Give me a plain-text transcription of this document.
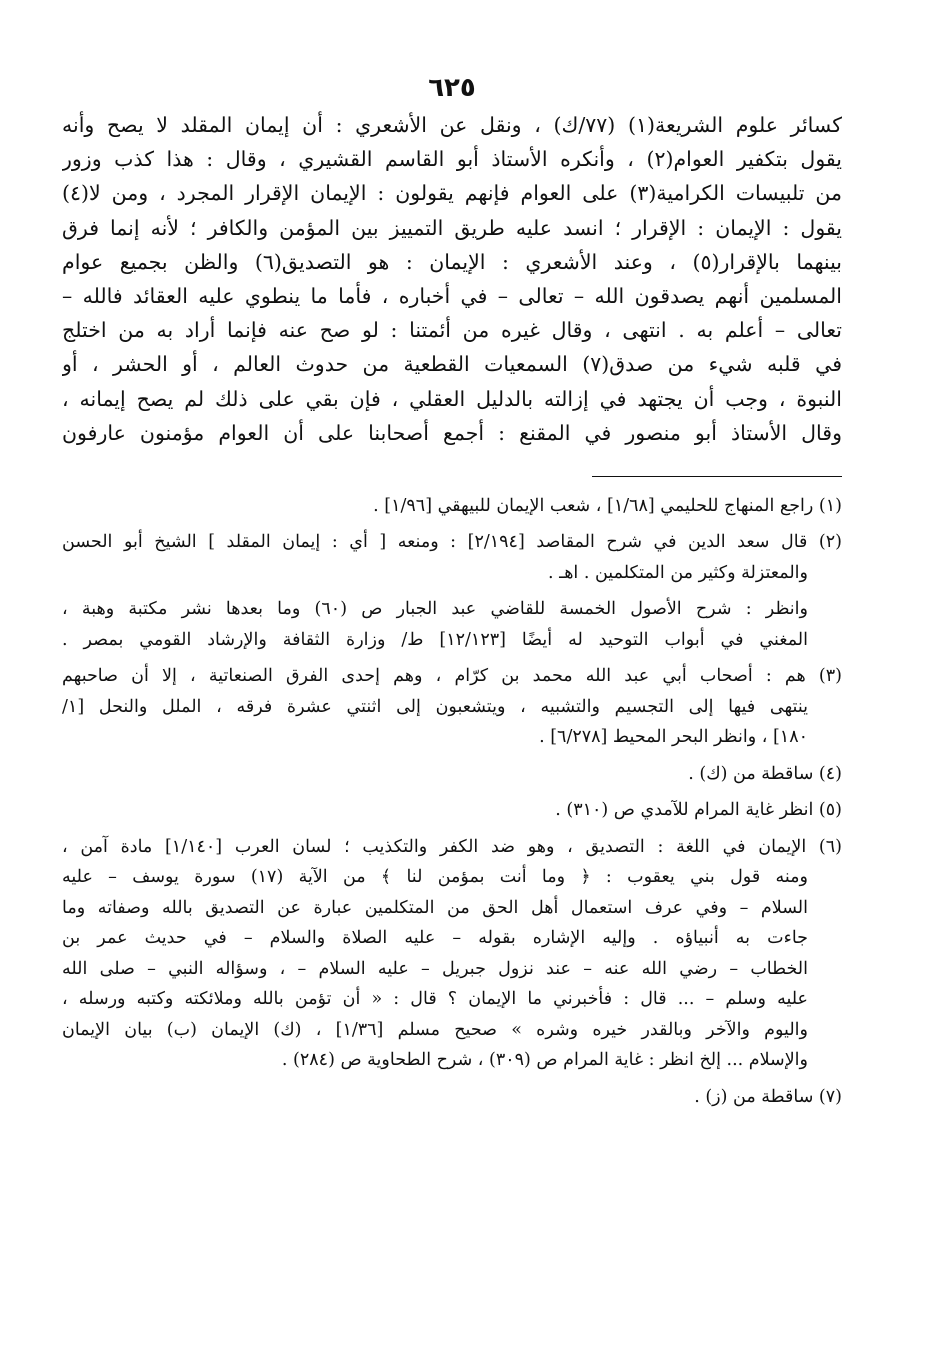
٦٢٥
كسائر علوم الشريعة(١) (٧٧/ك) ، ونقل عن الأشعري : أن إيمان المقلد لا يصح وأنه
يقول بتكفير العوام(٢) ، وأنكره الأستاذ أبو القاسم القشيري ، وقال : هذا كذب وزور
من تلبيسات الكرامية(٣) على العوام فإنهم يقولون : الإيمان الإقرار المجرد ، ومن لا(٤)
يقول : الإيمان : الإقرار ؛ انسد عليه طريق التمييز بين المؤمن والكافر ؛ لأنه إنما فرق
بينهما بالإقرار(٥) ، وعند الأشعري : الإيمان : هو التصديق(٦) والظن بجميع عوام
المسلمين أنهم يصدقون الله – تعالى – في أخباره ، فأما ما ينطوي عليه العقائد فالله –
تعالى – أعلم به . انتهى ، وقال غيره من أئمتنا : لو صح عنه فإنما أراد به من اختلج
في قلبه شيء من صدق(٧) السمعيات القطعية من حدوث العالم ، أو الحشر ، أو
النبوة ، وجب أن يجتهد في إزالته بالدليل العقلي ، فإن بقي على ذلك لم يصح إيمانه ،
وقال الأستاذ أبو منصور في المقنع : أجمع أصحابنا على أن العوام مؤمنون عارفون
(١) راجع المنهاج للحليمي [١/٦٨] ، شعب الإيمان للبيهقي [١/٩٦] .
(٢) قال سعد الدين في شرح المقاصد [٢/١٩٤] : ومنعه [ أي : إيمان المقلد ] الشيخ أبو الحسن
والمعتزلة وكثير من المتكلمين . اهـ .
وانظر : شرح الأصول الخمسة للقاضي عبد الجبار ص (٦٠) وما بعدها نشر مكتبة وهبة ،
المغني في أبواب التوحيد له أيضًا [١٢/١٢٣] ط/ وزارة الثقافة والإرشاد القومي بمصر .
(٣) هم : أصحاب أبي عبد الله محمد بن كرّام ، وهم إحدى الفرق الصنعاتية ، إلا أن صاحبهم
ينتهى فيها إلى التجسيم والتشبيه ، ويتشعبون إلى اثنتي عشرة فرقه ، الملل والنحل [١/
١٨٠] ، وانظر البحر المحيط [٦/٢٧٨] .
(٤) ساقطة من (ك) .
(٥) انظر غاية المرام للآمدي ص (٣١٠) .
(٦) الإيمان في اللغة : التصديق ، وهو ضد الكفر والتكذيب ؛ لسان العرب [١/١٤٠] مادة آمن ،
ومنه قول بني يعقوب : ﴿ وما أنت بمؤمن لنا ﴾ من الآية (١٧) سورة يوسف – عليه
السلام – وفي عرف استعمال أهل الحق من المتكلمين عبارة عن التصديق بالله وصفاته وما
جاءت به أنبياؤه . وإليه الإشاره بقوله – عليه الصلاة والسلام – في حديث عمر بن
الخطاب – رضي الله عنه – عند نزول جبريل – عليه السلام – ، وسؤاله النبي – صلى الله
عليه وسلم – ... قال : فأخبرني ما الإيمان ؟ قال : « أن تؤمن بالله وملائكته وكتبه ورسله ،
واليوم والآخر وبالقدر خيره وشره » صحيح مسلم [١/٣٦] ، (ك) الإيمان (ب) بيان الإيمان
والإسلام ... إلخ انظر : غاية المرام ص (٣٠٩) ، شرح الطحاوية ص (٢٨٤) .
(٧) ساقطة من (ز) .
